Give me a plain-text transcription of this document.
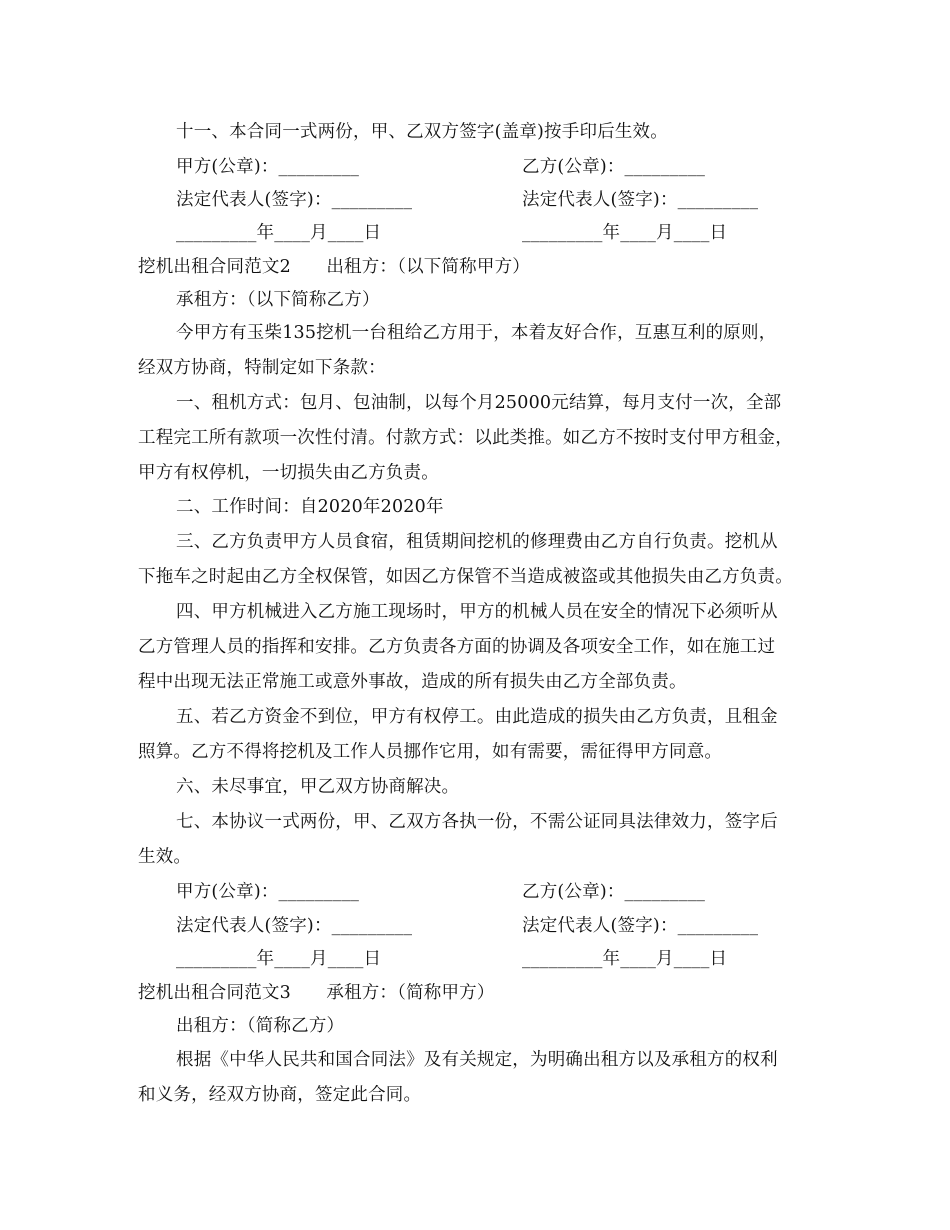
十一、本合同一式两份，甲、乙双方签字(盖章)按手印后生效。
甲方(公章)：_________	乙方(公章)：_________
法定代表人(签字)：_________	法定代表人(签字)：_________
_________年____月____日	_________年____月____日
挖机出租合同范文2　　出租方：（以下简称甲方）
承租方：（以下简称乙方）
今甲方有玉柴135挖机一台租给乙方用于，本着友好合作，互惠互利的原则，
经双方协商，特制定如下条款：
一、租机方式：包月、包油制，以每个月25000元结算，每月支付一次，全部
工程完工所有款项一次性付清。付款方式：以此类推。如乙方不按时支付甲方租金，
甲方有权停机，一切损失由乙方负责。
二、工作时间：自2020年2020年
三、乙方负责甲方人员食宿，租赁期间挖机的修理费由乙方自行负责。挖机从
下拖车之时起由乙方全权保管，如因乙方保管不当造成被盗或其他损失由乙方负责。
四、甲方机械进入乙方施工现场时，甲方的机械人员在安全的情况下必须听从
乙方管理人员的指挥和安排。乙方负责各方面的协调及各项安全工作，如在施工过
程中出现无法正常施工或意外事故，造成的所有损失由乙方全部负责。
五、若乙方资金不到位，甲方有权停工。由此造成的损失由乙方负责，且租金
照算。乙方不得将挖机及工作人员挪作它用，如有需要，需征得甲方同意。
六、未尽事宜，甲乙双方协商解决。
七、本协议一式两份，甲、乙双方各执一份，不需公证同具法律效力，签字后
生效。
甲方(公章)：_________	乙方(公章)：_________
法定代表人(签字)：_________	法定代表人(签字)：_________
_________年____月____日	_________年____月____日
挖机出租合同范文3　　承租方：（简称甲方）
出租方：（简称乙方）
根据《中华人民共和国合同法》及有关规定，为明确出租方以及承租方的权利
和义务，经双方协商，签定此合同。
